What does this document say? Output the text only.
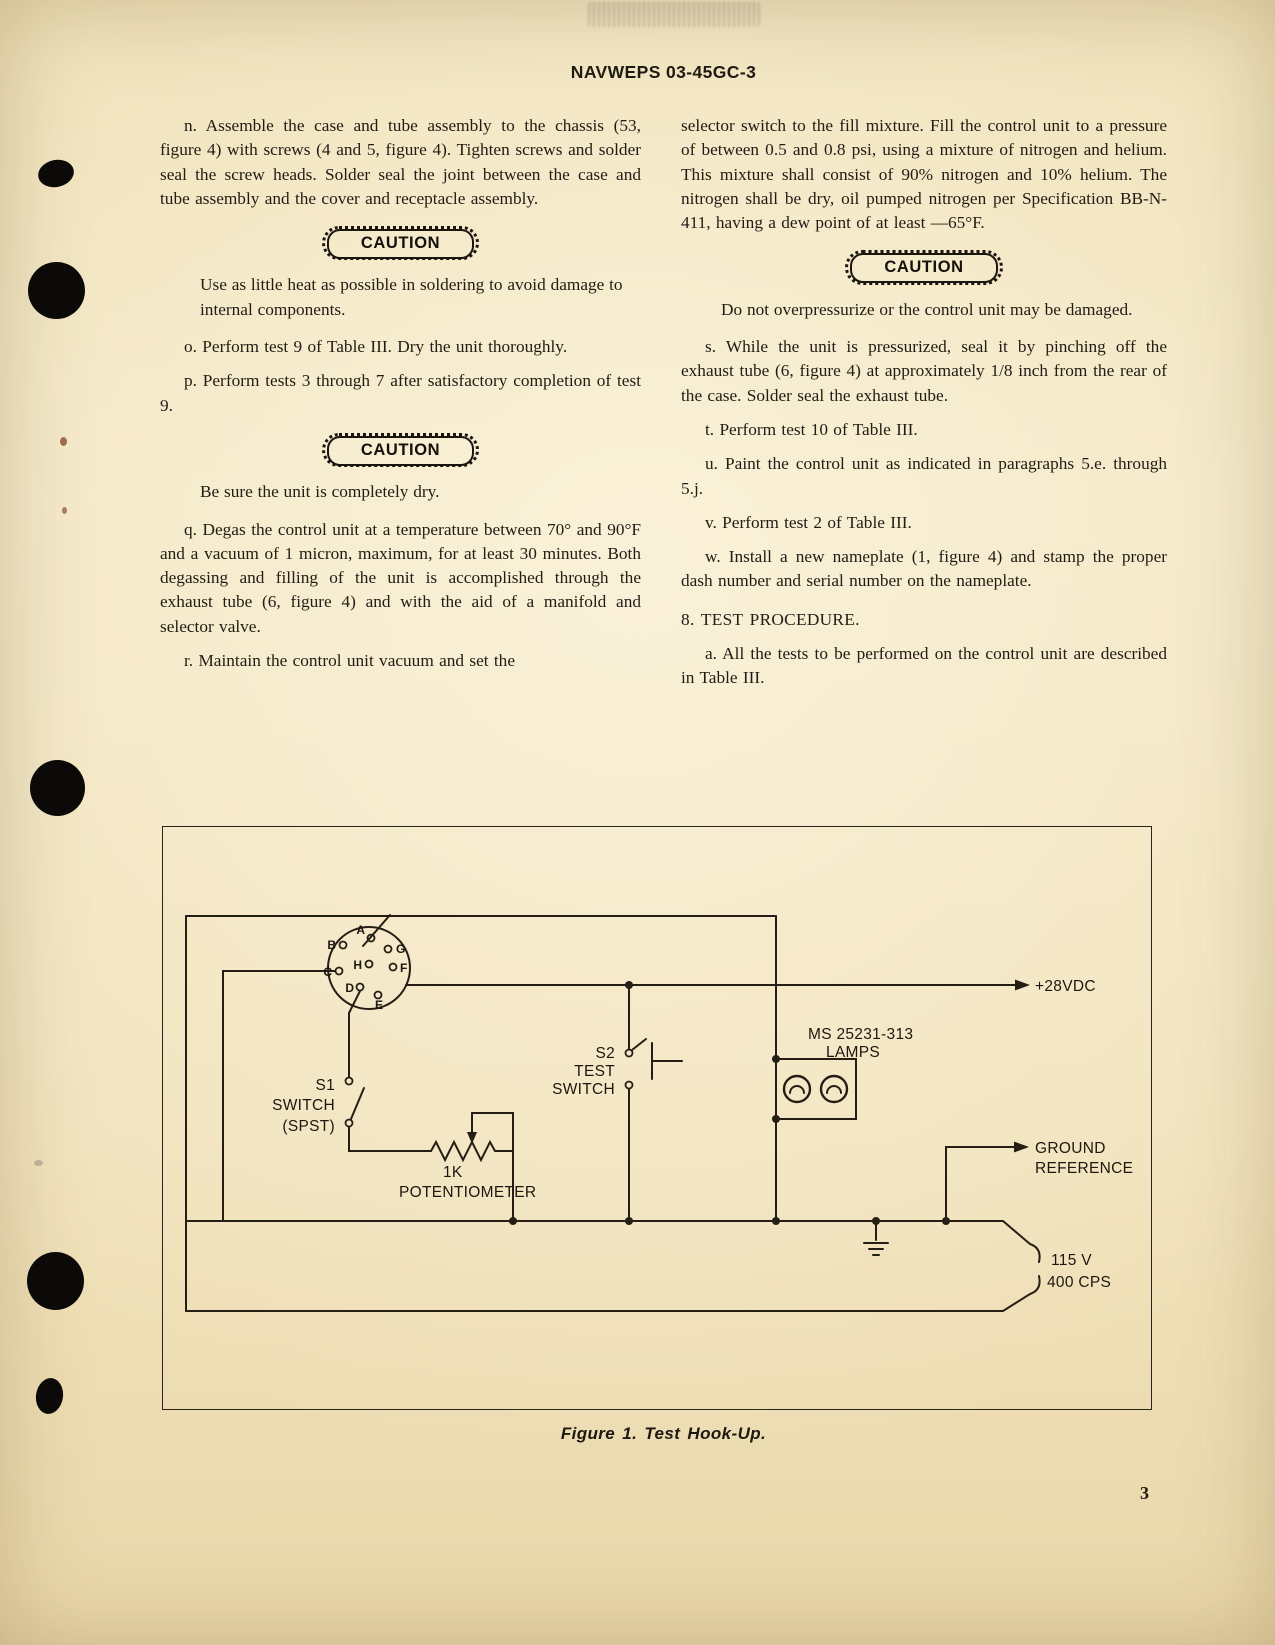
NAVWEPS 03-45GC-3

n. Assemble the case and tube assembly to the chassis (53, figure 4) with screws (4 and 5, figure 4). Tighten screws and solder seal the screw heads. Solder seal the joint between the case and tube assembly and the cover and receptacle assembly.

CAUTION

Use as little heat as possible in soldering to avoid damage to internal components.

o. Perform test 9 of Table III. Dry the unit thoroughly.

p. Perform tests 3 through 7 after satisfactory completion of test 9.

CAUTION

Be sure the unit is completely dry.

q. Degas the control unit at a temperature between 70° and 90°F and a vacuum of 1 micron, maximum, for at least 30 minutes. Both degassing and filling of the unit is accomplished through the exhaust tube (6, figure 4) and with the aid of a manifold and selector valve.

r. Maintain the control unit vacuum and set the

selector switch to the fill mixture. Fill the control unit to a pressure of between 0.5 and 0.8 psi, using a mixture of nitrogen and helium. This mixture shall consist of 90% nitrogen and 10% helium. The nitrogen shall be dry, oil pumped nitrogen per Specification BB-N-411, having a dew point of at least —65°F.

CAUTION

Do not overpressurize or the control unit may be damaged.

s. While the unit is pressurized, seal it by pinching off the exhaust tube (6, figure 4) at approximately 1/8 inch from the rear of the case. Solder seal the exhaust tube.

t. Perform test 10 of Table III.

u. Paint the control unit as indicated in paragraphs 5.e. through 5.j.

v. Perform test 2 of Table III.

w. Install a new nameplate (1, figure 4) and stamp the proper dash number and serial number on the nameplate.

8. TEST PROCEDURE.

a. All the tests to be performed on the control unit are described in Table III.

B
A
G
H
C	F
D
E
+28VDC
MS 25231-313
LAMPS
S2
TEST
SWITCH
S1
SWITCH
(SPST)
1K
POTENTIOMETER
GROUND
REFERENCE
115 V
400 CPS
Figure 1. Test Hook-Up.
3
